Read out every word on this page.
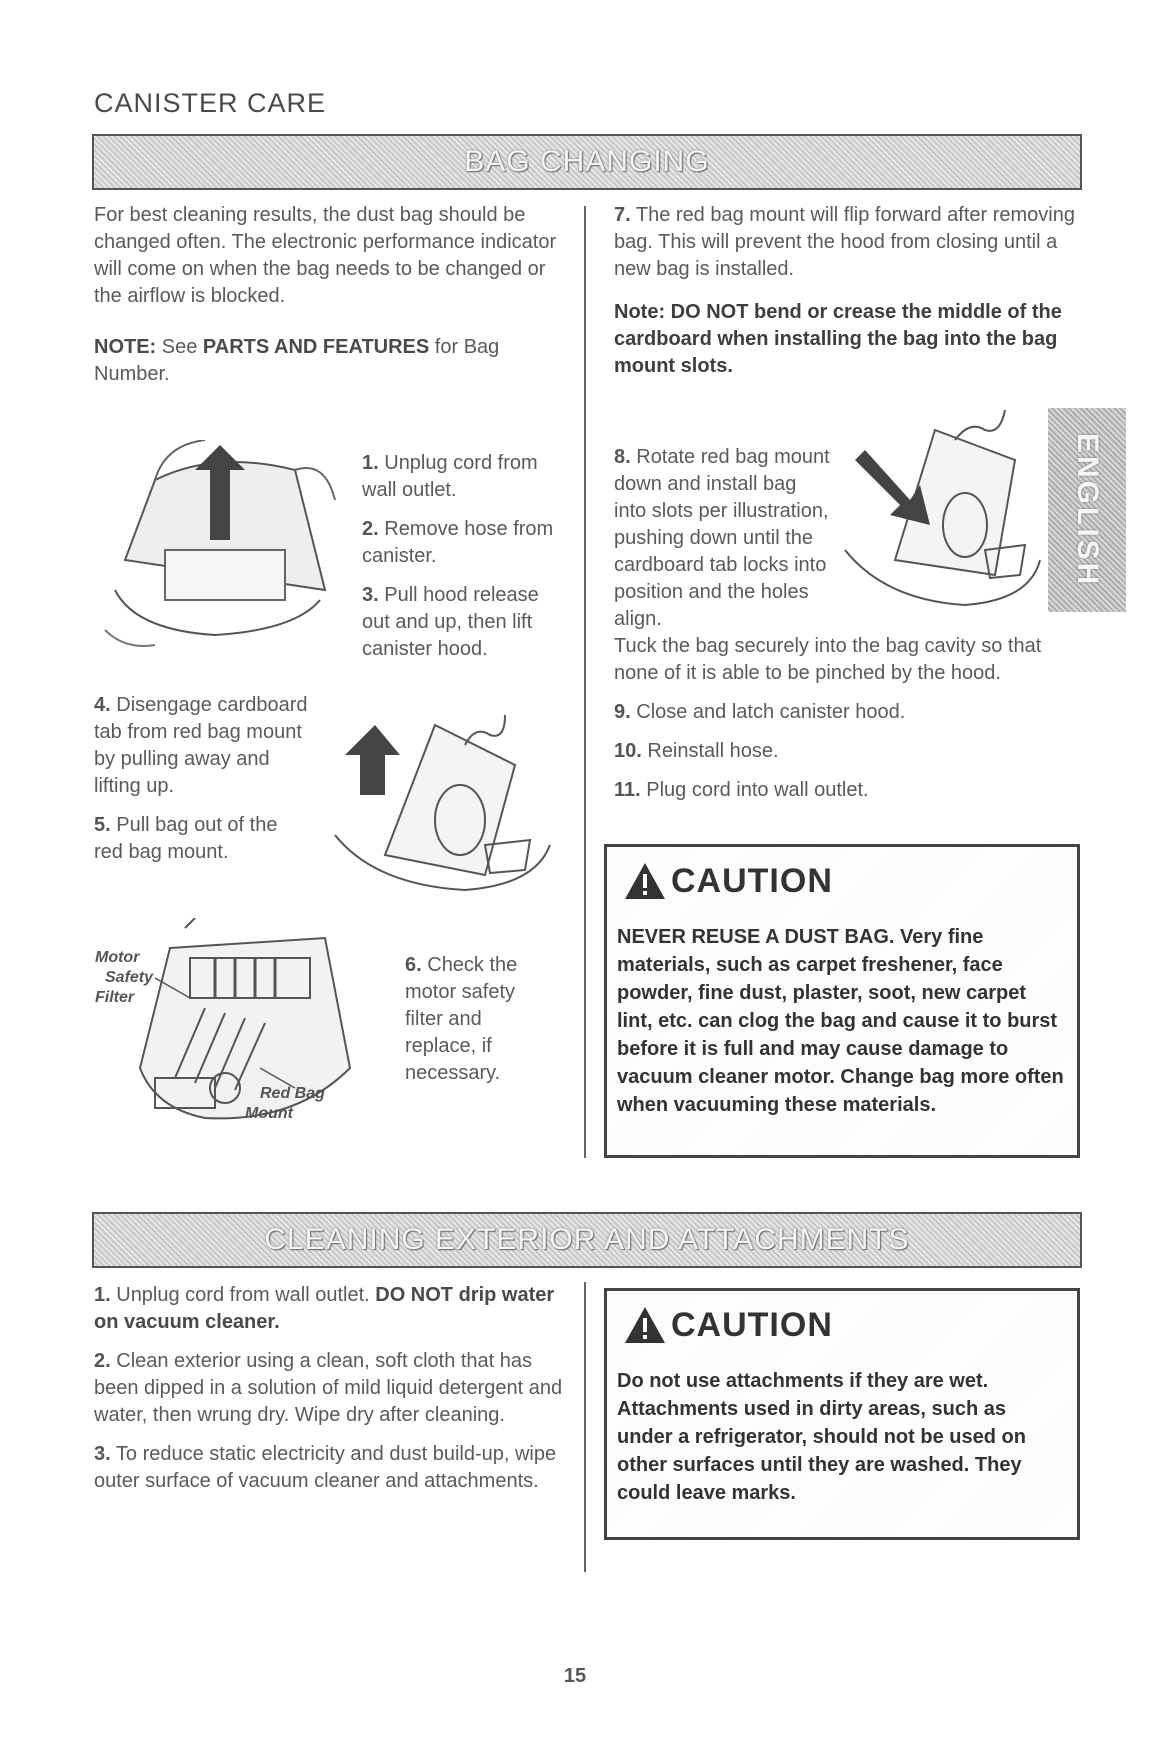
CANISTER CARE
BAG CHANGING

For best cleaning results, the dust bag should be changed often. The electronic performance indicator will come on when the bag needs to be changed or the airflow is blocked.

NOTE: See PARTS AND FEATURES for Bag Number.

1. Unplug cord from wall outlet.

2. Remove hose from canister.

3. Pull hood release out and up, then lift canister hood.

4. Disengage cardboard tab from red bag mount by pulling away and lifting up.

5. Pull bag out of the red bag mount.

Motor
Safety
Filter
Red Bag
Mount

6. Check the motor safety filter and replace, if necessary.

7. The red bag mount will flip forward after removing bag. This will prevent the hood from closing until a new bag is installed.

Note: DO NOT bend or crease the middle of the cardboard when installing the bag into the bag mount slots.

8. Rotate red bag mount down and install bag into slots per illustration, pushing down until the cardboard tab locks into position and the holes align.

Tuck the bag securely into the bag cavity so that none of it is able to be pinched by the hood.

9. Close and latch canister hood.

10. Reinstall hose.

11. Plug cord into wall outlet.

ENGLISH
CAUTION
NEVER REUSE A DUST BAG. Very fine materials, such as carpet freshener, face powder, fine dust, plaster, soot, new carpet lint, etc. can clog the bag and cause it to burst before it is full and may cause damage to vacuum cleaner motor. Change bag more often when vacuuming these materials.
CLEANING EXTERIOR AND ATTACHMENTS

1. Unplug cord from wall outlet. DO NOT drip water on vacuum cleaner.

2. Clean exterior using a clean, soft cloth that has been dipped in a solution of mild liquid detergent and water, then wrung dry. Wipe dry after cleaning.

3. To reduce static electricity and dust build-up, wipe outer surface of vacuum cleaner and attachments.

CAUTION
Do not use attachments if they are wet. Attachments used in dirty areas, such as under a refrigerator, should not be used on other surfaces until they are washed. They could leave marks.
15
